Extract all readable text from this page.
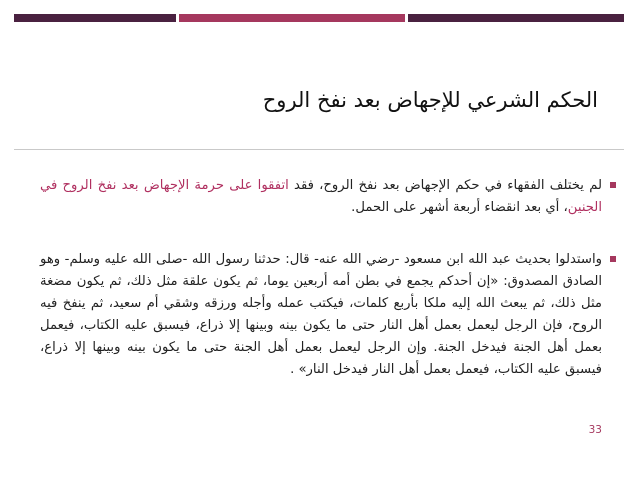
الحكم الشرعي للإجهاض بعد نفخ الروح
لم يختلف الفقهاء في حكم الإجهاض بعد نفخ الروح، فقد اتفقوا على حرمة الإجهاض بعد نفخ الروح في الجنين، أي بعد انقضاء أربعة أشهر على الحمل.
واستدلوا بحديث عبد الله ابن مسعود -رضي الله عنه- قال: حدثنا رسول الله -صلى الله عليه وسلم- وهو الصادق المصدوق: «إن أحدكم يجمع في بطن أمه أربعين يوما، ثم يكون علقة مثل ذلك، ثم يكون مضغة مثل ذلك، ثم يبعث الله إليه ملكا بأربع كلمات، فيكتب عمله وأجله ورزقه وشقي أم سعيد، ثم ينفخ فيه الروح، فإن الرجل ليعمل بعمل أهل النار حتى ما يكون بينه وبينها إلا ذراع، فيسبق عليه الكتاب، فيعمل بعمل أهل الجنة فيدخل الجنة. وإن الرجل ليعمل بعمل أهل الجنة حتى ما يكون بينه وبينها إلا ذراع، فيسبق عليه الكتاب، فيعمل بعمل أهل النار فيدخل النار» .
33
